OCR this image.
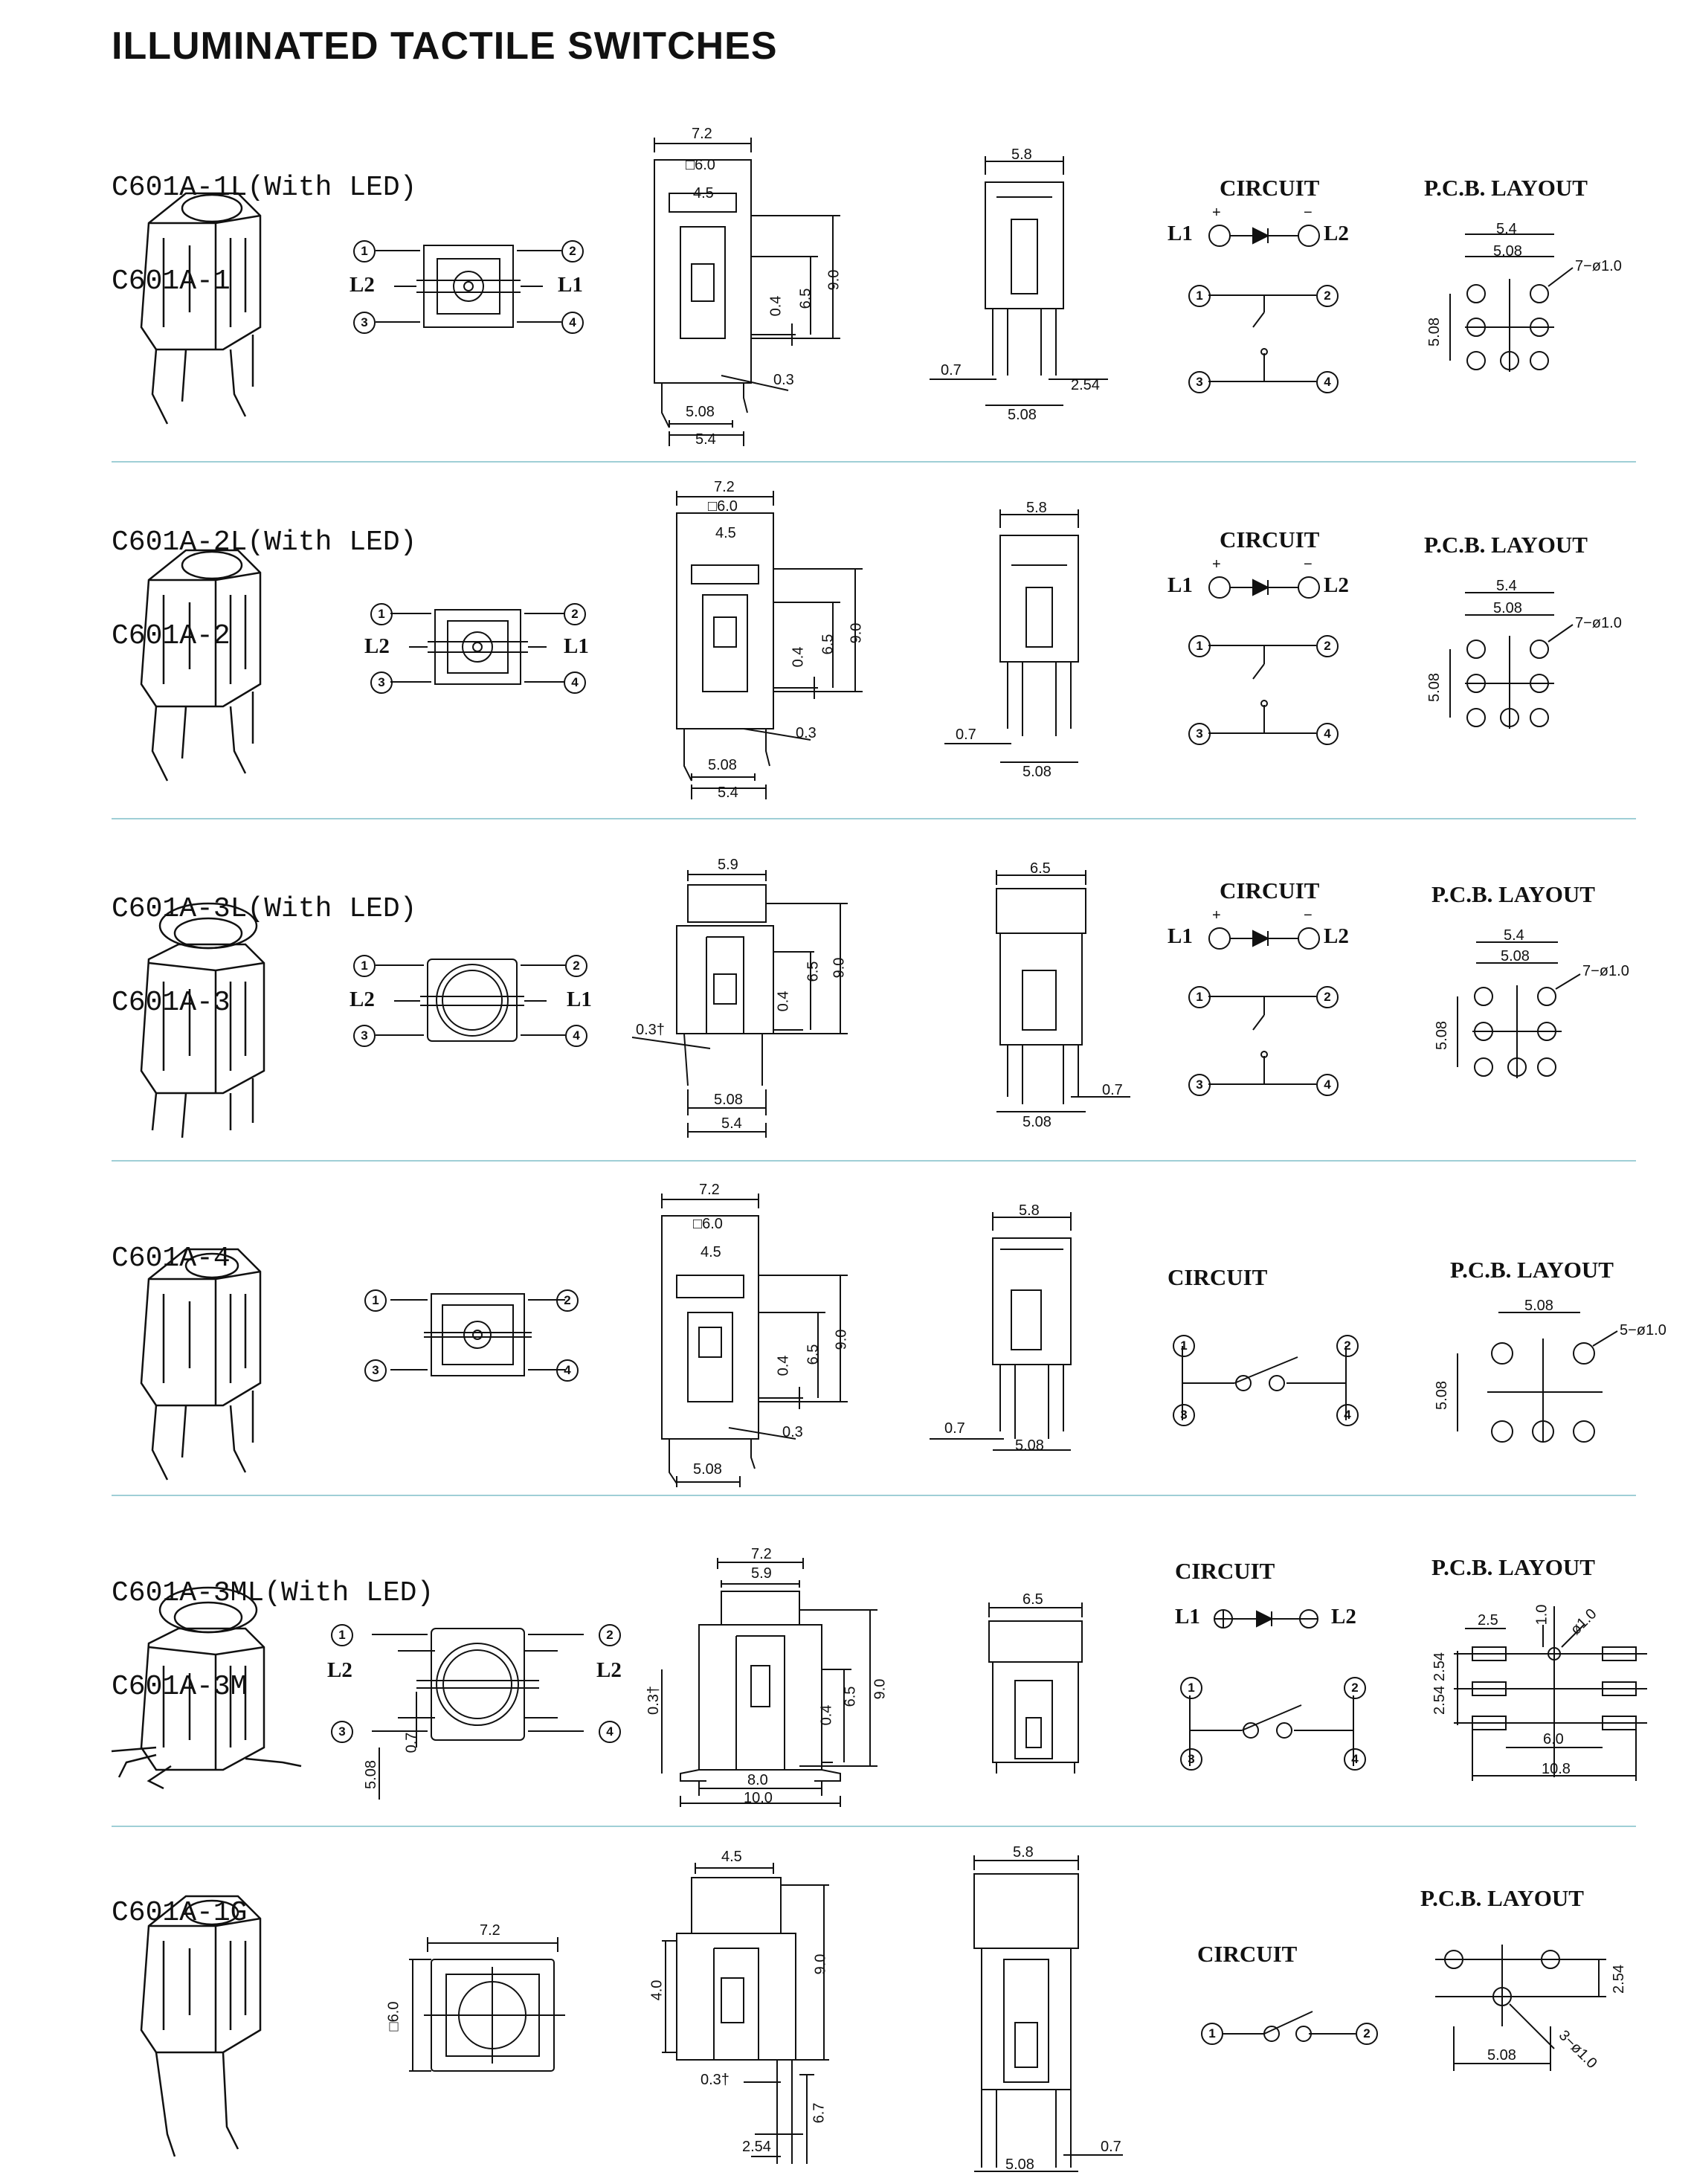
ILLUMINATED TACTILE SWITCHES

C601A-1L(With LED)

C601A-1

1	2
3	4
L2	L1
7.2
□6.0
4.5
9.0
6.5
0.4
0.3
5.08
5.4
5.8
0.7
2.54
5.08
CIRCUIT
L1	L2
+	−
1	2
3	4
P.C.B. LAYOUT
5.4
5.08
7−ø1.0
5.08

C601A-2L(With LED)

C601A-2

1	2
3	4
L2	L1
7.2
□6.0
4.5
9.0
6.5
0.4
0.3
5.08
5.4
5.8
0.7
5.08
CIRCUIT
L1	L2
+	−
1	2
3	4
P.C.B. LAYOUT
5.4
5.08
7−ø1.0
5.08

C601A-3L(With LED)

C601A-3

1	2
3	4
L2	L1
5.9
9.0
6.5
0.4
0.3†
5.08
5.4
6.5
0.7
5.08
CIRCUIT
L1	L2
+	−
1	2
3	4
P.C.B. LAYOUT
5.4
5.08
7−ø1.0
5.08

C601A-4

1	2
3	4
7.2
□6.0
4.5
9.0
6.5
0.4
0.3
5.08
5.8
0.7
5.08
CIRCUIT
1	2
3	4
P.C.B. LAYOUT
5.08
5−ø1.0
5.08

C601A-3ML(With LED)

C601A-3M

1	2
3	4
L2	L2
0.7
5.08
7.2
5.9
9.0
6.5
0.4
0.3†
8.0
10.0
6.5
CIRCUIT
L1	L2
1	2
3	4
P.C.B. LAYOUT
2.5 1.0 ø1.0
2.54
2.54
6.0
10.8

C601A-1G

7.2
□6.0
4.5
9.0
4.0
0.3†
6.7
2.54
5.8
0.7
5.08
CIRCUIT
1	2
P.C.B. LAYOUT
2.54
5.08	3−ø1.0
